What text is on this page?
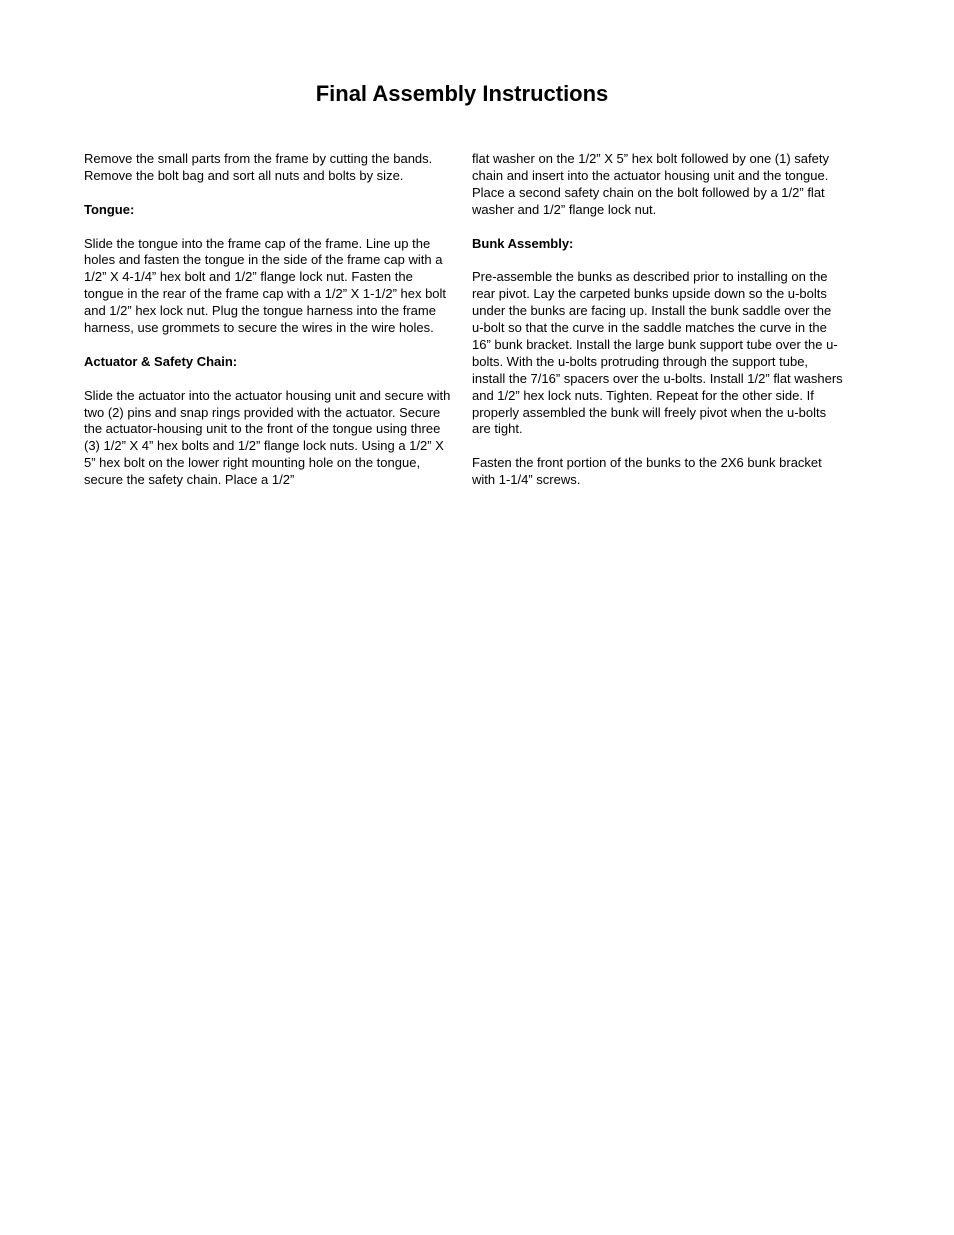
Final Assembly Instructions

Remove the small parts from the frame by cutting the bands. Remove the bolt bag and sort all nuts and bolts by size.

Tongue:

Slide the tongue into the frame cap of the frame. Line up the holes and fasten the tongue in the side of the frame cap with a 1/2” X 4-1/4” hex bolt and 1/2” flange lock nut. Fasten the tongue in the rear of the frame cap with a 1/2” X 1-1/2” hex bolt and 1/2” hex lock nut. Plug the tongue harness into the frame harness, use grommets to secure the wires in the wire holes.

Actuator & Safety Chain:

Slide the actuator into the actuator housing unit and secure with two (2) pins and snap rings provided with the actuator. Secure the actuator-housing unit to the front of the tongue using three (3) 1/2” X 4” hex bolts and 1/2” flange lock nuts. Using a 1/2” X 5” hex bolt on the lower right mounting hole on the tongue, secure the safety chain. Place a 1/2”

flat washer on the 1/2” X 5” hex bolt followed by one (1) safety chain and insert into the actuator housing unit and the tongue. Place a second safety chain on the bolt followed by a 1/2” flat washer and 1/2” flange lock nut.

Bunk Assembly:

Pre-assemble the bunks as described prior to installing on the rear pivot. Lay the carpeted bunks upside down so the u-bolts under the bunks are facing up. Install the bunk saddle over the u-bolt so that the curve in the saddle matches the curve in the 16” bunk bracket. Install the large bunk support tube over the u-bolts. With the u-bolts protruding through the support tube, install the 7/16” spacers over the u-bolts. Install 1/2” flat washers and 1/2” hex lock nuts. Tighten. Repeat for the other side. If properly assembled the bunk will freely pivot when the u-bolts are tight.

Fasten the front portion of the bunks to the 2X6 bunk bracket with 1-1/4” screws.
